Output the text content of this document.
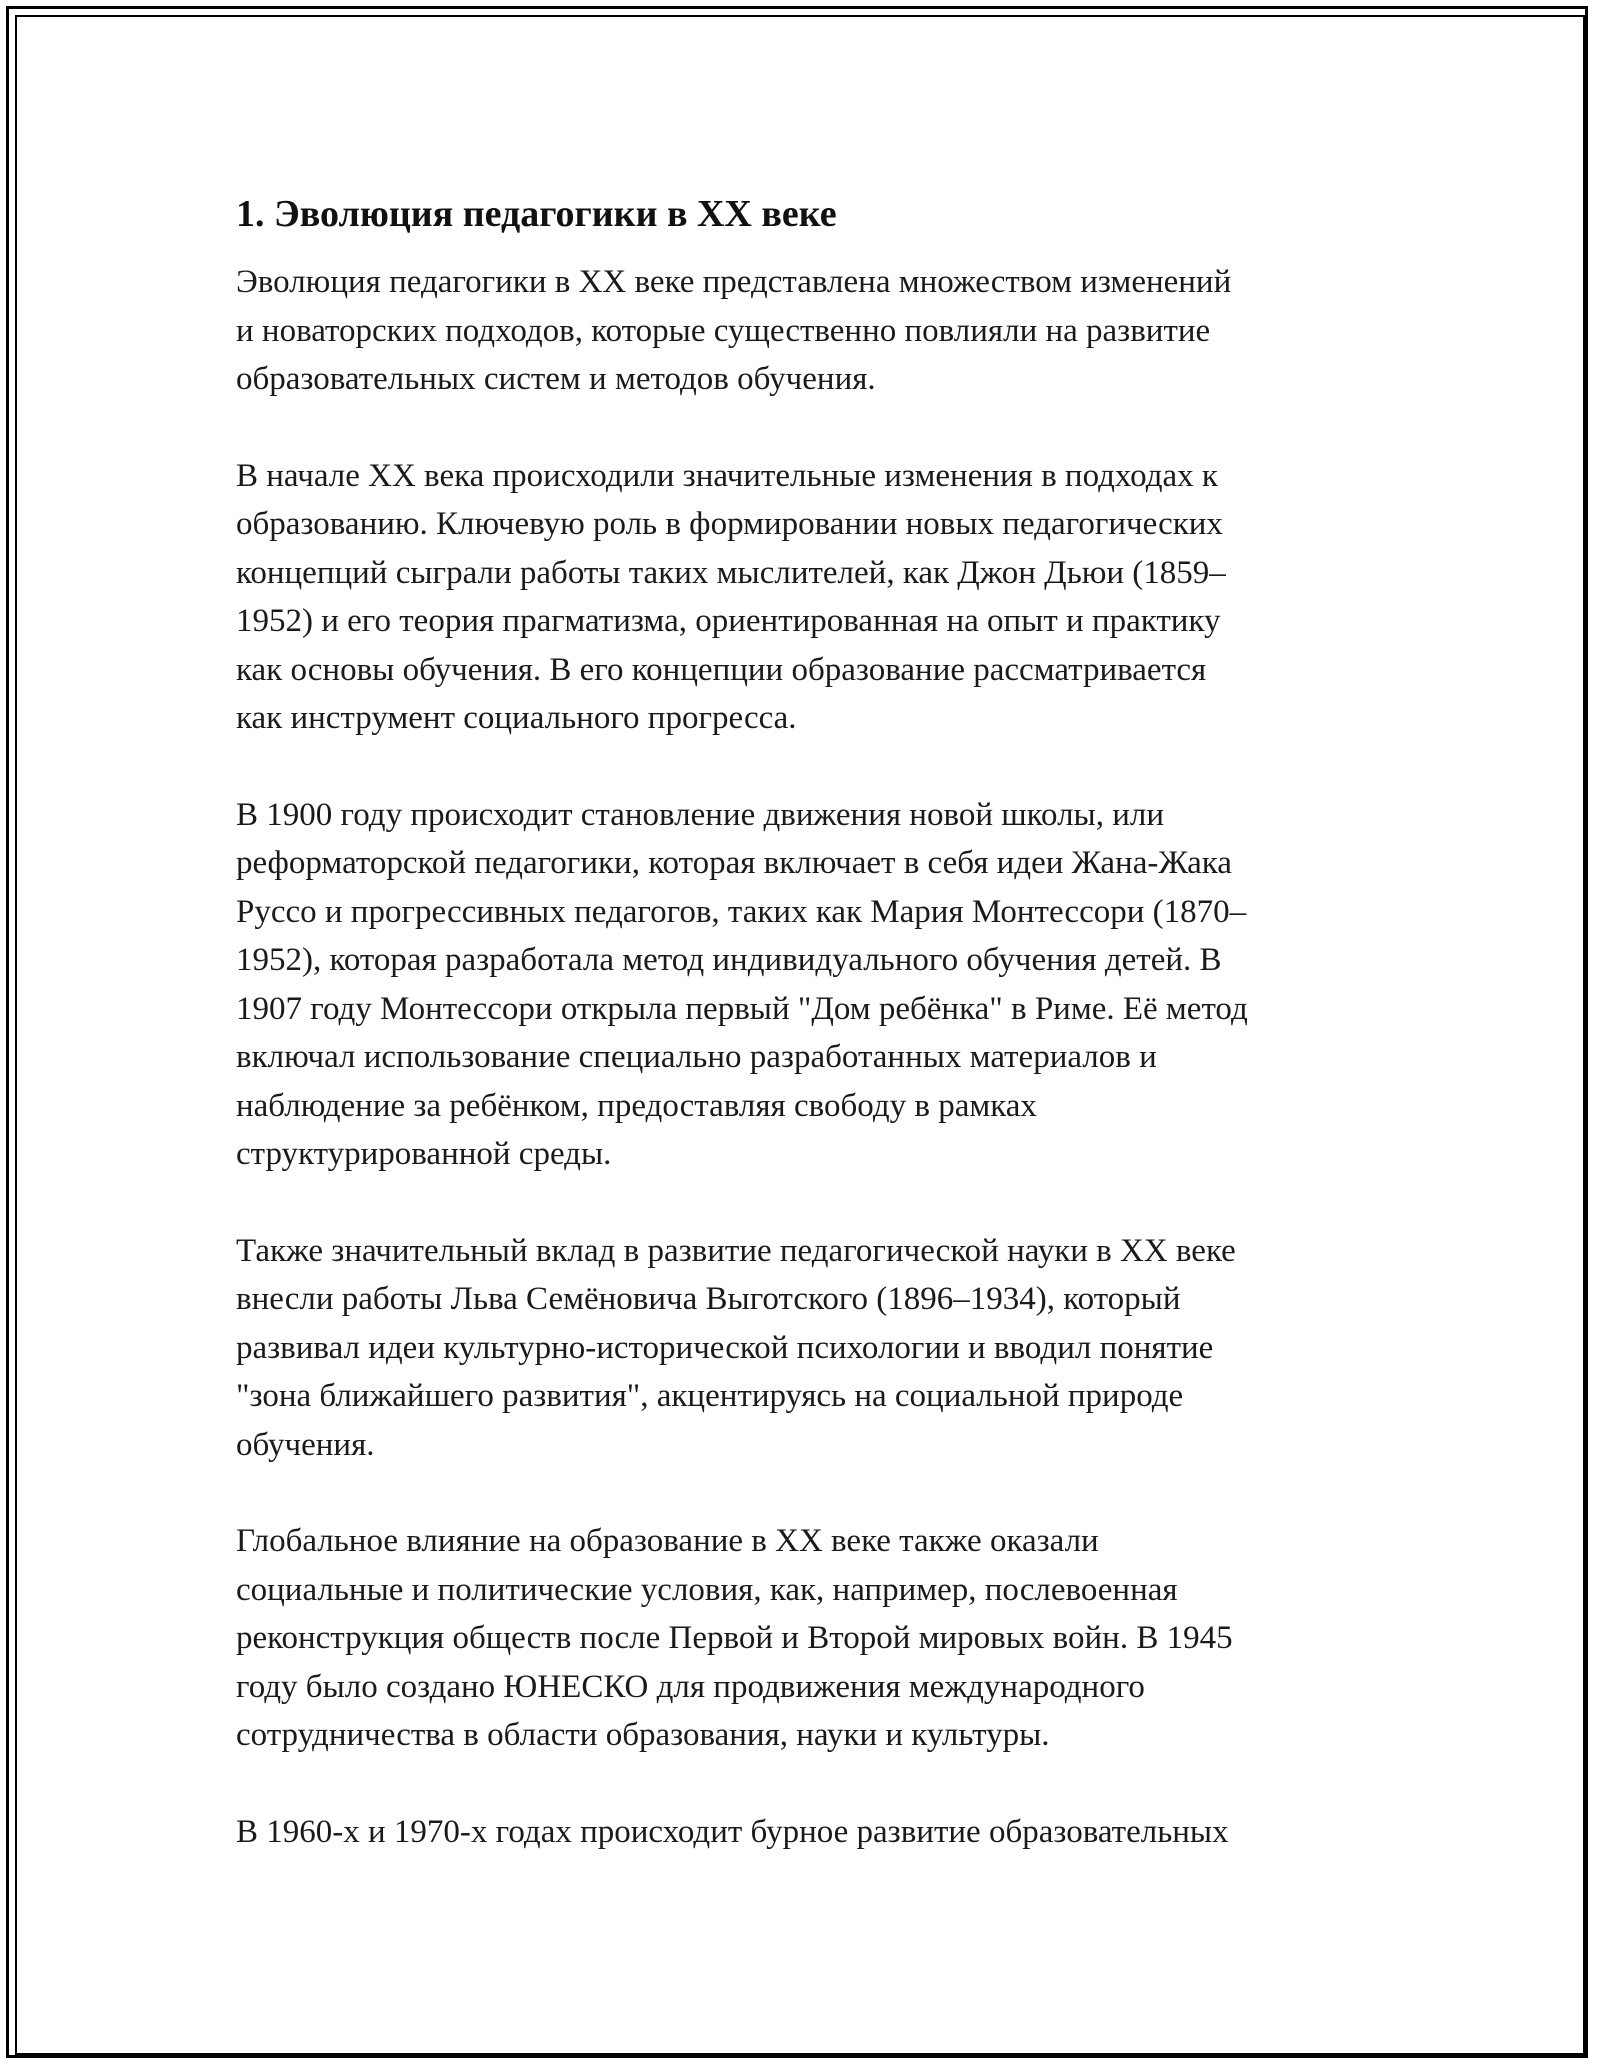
1. Эволюция педагогики в XX веке

Эволюция педагогики в XX веке представлена множеством изменений
и новаторских подходов, которые существенно повлияли на развитие
образовательных систем и методов обучения.

В начале XX века происходили значительные изменения в подходах к
образованию. Ключевую роль в формировании новых педагогических
концепций сыграли работы таких мыслителей, как Джон Дьюи (1859–
1952) и его теория прагматизма, ориентированная на опыт и практику
как основы обучения. В его концепции образование рассматривается
как инструмент социального прогресса.

В 1900 году происходит становление движения новой школы, или
реформаторской педагогики, которая включает в себя идеи Жана-Жака
Руссо и прогрессивных педагогов, таких как Мария Монтессори (1870–
1952), которая разработала метод индивидуального обучения детей. В
1907 году Монтессори открыла первый "Дом ребёнка" в Риме. Её метод
включал использование специально разработанных материалов и
наблюдение за ребёнком, предоставляя свободу в рамках
структурированной среды.

Также значительный вклад в развитие педагогической науки в XX веке
внесли работы Льва Семёновича Выготского (1896–1934), который
развивал идеи культурно-исторической психологии и вводил понятие
"зона ближайшего развития", акцентируясь на социальной природе
обучения.

Глобальное влияние на образование в XX веке также оказали
социальные и политические условия, как, например, послевоенная
реконструкция обществ после Первой и Второй мировых войн. В 1945
году было создано ЮНЕСКО для продвижения международного
сотрудничества в области образования, науки и культуры.

В 1960-х и 1970-х годах происходит бурное развитие образовательных
